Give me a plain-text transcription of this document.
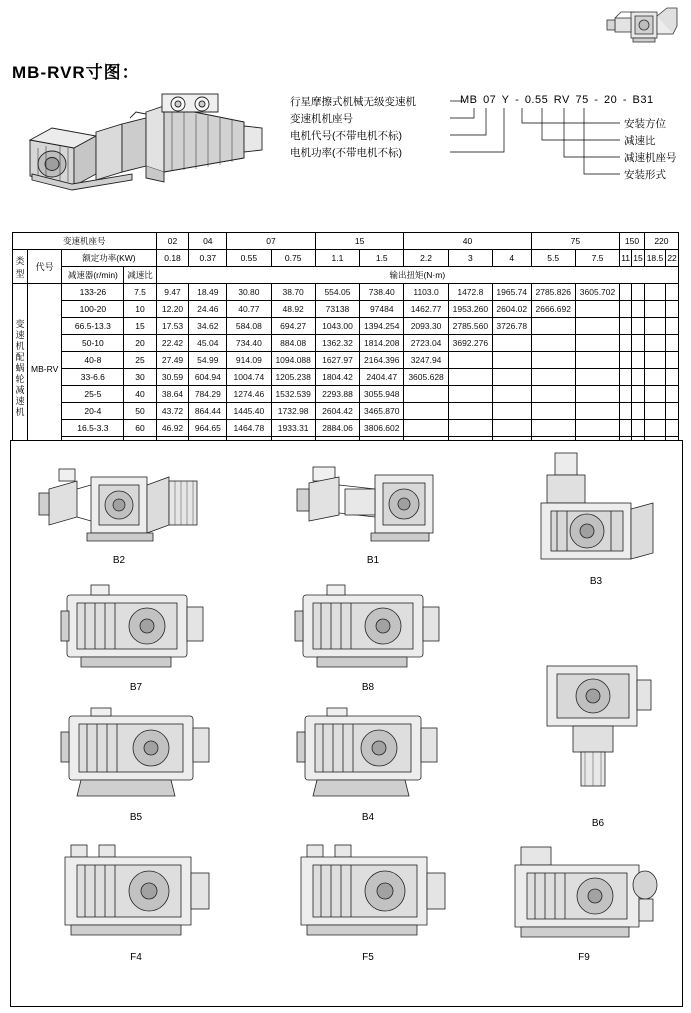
MB-RVR寸图：
行星摩擦式机械无级变速机
变速机机座号
电机代号(不带电机不标)
电机功率(不带电机不标)
MB 07 Y - 0.55 RV 75 - 20 - B31
安装方位
减速比
减速机座号
安装形式
变速机座号				02	04	07		15		40			75		150		220	
类型	代号	额定功率(KW)		0.18	0.37	0.55	0.75	1.1	1.5	2.2	3	4	5.5	7.5	11	15	18.5	22
		减速器(r/min)	减速比	输出扭矩(N·m)														
变速机配蜗轮减速机	MB-RV	133-26	7.5	9.47	18.49	30.80	38.70	554.05	738.40	1103.0	1472.8	1965.74	2785.826	3605.702				
		100-20	10	12.20	24.46	40.77	48.92	73138	97484	1462.77	1953.260	2604.02	2666.692					
		66.5-13.3	15	17.53	34.62	584.08	694.27	1043.00	1394.254	2093.30	2785.560	3726.78						
		50-10	20	22.42	45.04	734.40	884.08	1362.32	1814.208	2723.04	3692.276							
		40-8	25	27.49	54.99	914.09	1094.088	1627.97	2164.396	3247.94								
		33-6.6	30	30.59	604.94	1004.74	1205.238	1804.42	2404.47	3605.628								
		25-5	40	38.64	784.29	1274.46	1532.539	2293.88	3055.948									
		20-4	50	43.72	864.44	1445.40	1732.98	2604.42	3465.870									
		16.5-3.3	60	46.92	964.65	1464.78	1933.31	2884.06	3806.602									

B2	B1
B3
B7	B8
B5	B4
B6
F4	F5	F9
